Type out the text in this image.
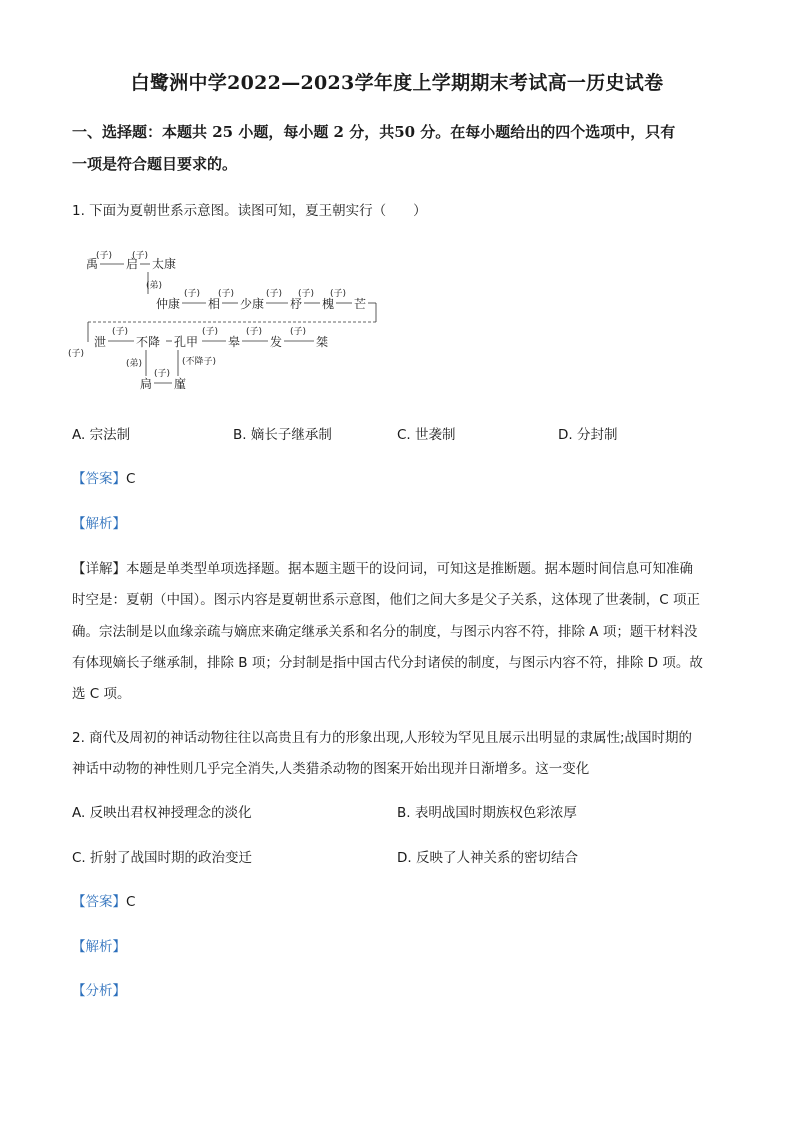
白鹭洲中学2022—2023学年度上学期期末考试高一历史试卷
一、选择题：本题共 25 小题，每小题 2 分，共50 分。在每小题给出的四个选项中，只有
一项是符合题目要求的。
1. 下面为夏朝世系示意图。读图可知，夏王朝实行（　　）
禹 启 太康
(子) (子)
(弟)
仲康 相 少康 杼 槐 芒
(子) (子)	(子) (子) (子)
(子)
泄 不降 孔甲 皋 发	桀
(子)	(子)	(子)	(子)
(弟)	(不降子)
扃 廑
(子)
A. 宗法制	B. 嫡长子继承制	C. 世袭制	D. 分封制
【答案】C
【解析】
【详解】本题是单类型单项选择题。据本题主题干的设问词，可知这是推断题。据本题时间信息可知准确
时空是：夏朝（中国）。图示内容是夏朝世系示意图，他们之间大多是父子关系，这体现了世袭制，C 项正
确。宗法制是以血缘亲疏与嫡庶来确定继承关系和名分的制度，与图示内容不符，排除 A 项；题干材料没
有体现嫡长子继承制，排除 B 项；分封制是指中国古代分封诸侯的制度，与图示内容不符，排除 D 项。故
选 C 项。
2. 商代及周初的神话动物往往以高贵且有力的形象出现,人形较为罕见且展示出明显的隶属性;战国时期的
神话中动物的神性则几乎完全消失,人类猎杀动物的图案开始出现并日渐增多。这一变化
A. 反映出君权神授理念的淡化	B. 表明战国时期族权色彩浓厚
C. 折射了战国时期的政治变迁	D. 反映了人神关系的密切结合
【答案】C
【解析】
【分析】
